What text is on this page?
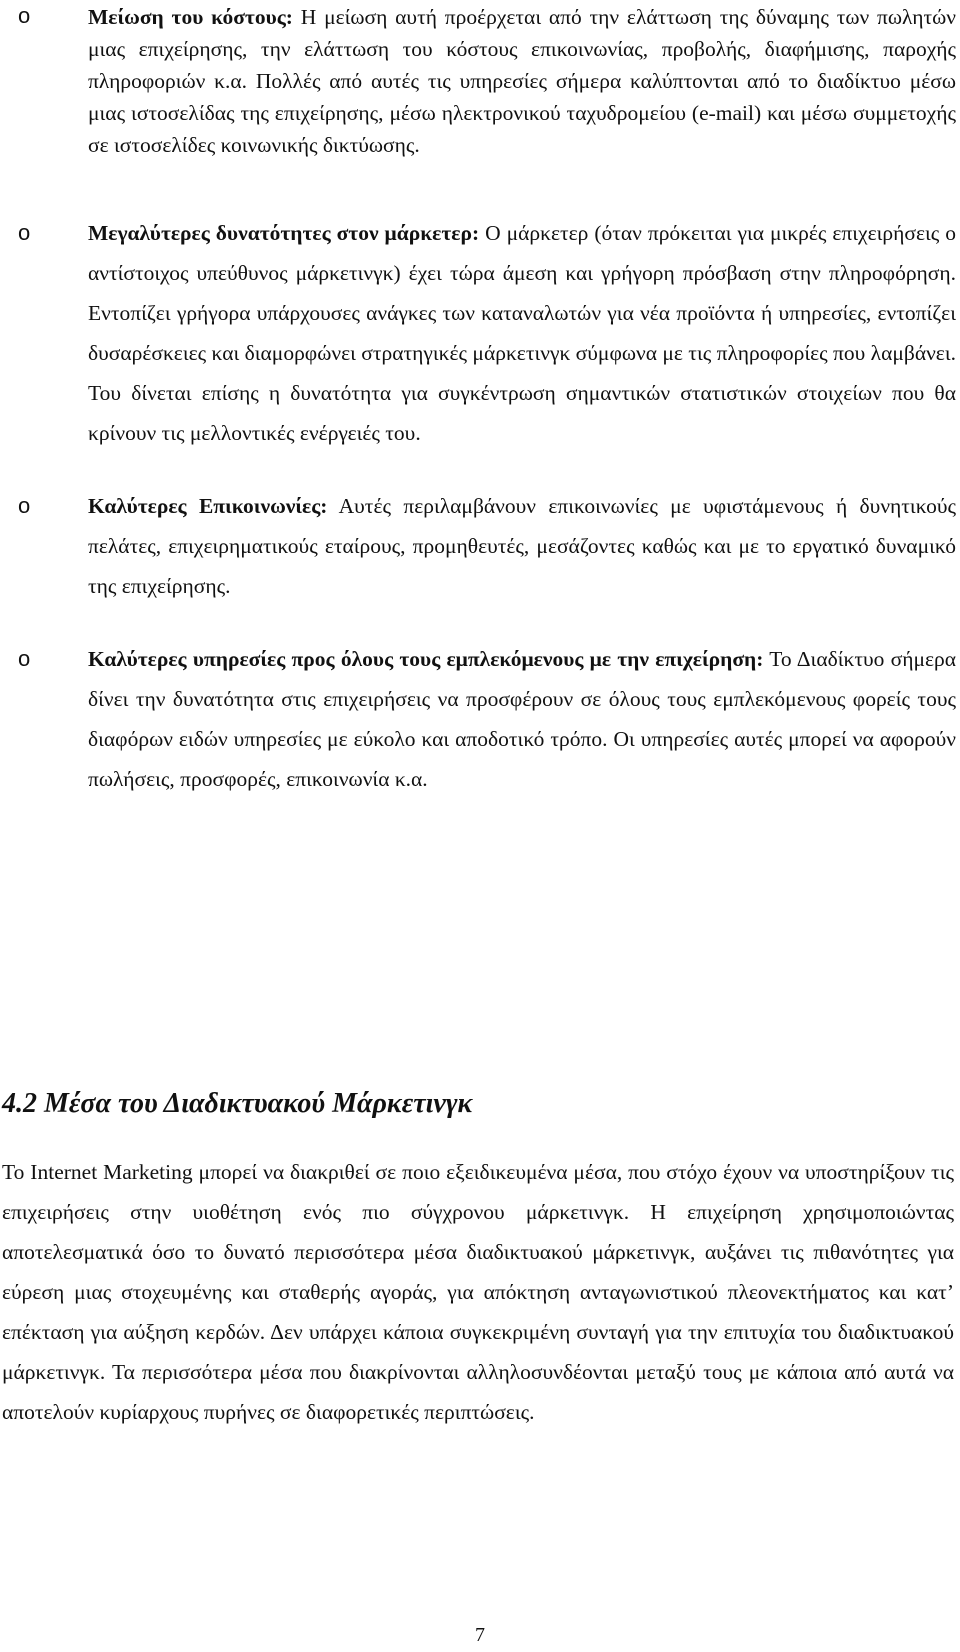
o	Μείωση του κόστους: Η μείωση αυτή προέρχεται από την ελάττωση της δύναμης των πωλητών μιας επιχείρησης, την ελάττωση του κόστους επικοινωνίας, προβολής, διαφήμισης, παροχής πληροφοριών κ.α. Πολλές από αυτές τις υπηρεσίες σήμερα καλύπτονται από το διαδίκτυο μέσω μιας ιστοσελίδας της επιχείρησης, μέσω ηλεκτρονικού ταχυδρομείου (e-mail) και μέσω συμμετοχής σε ιστοσελίδες κοινωνικής δικτύωσης.
o	Μεγαλύτερες δυνατότητες στον μάρκετερ: Ο μάρκετερ (όταν πρόκειται για μικρές επιχειρήσεις ο αντίστοιχος υπεύθυνος μάρκετινγκ) έχει τώρα άμεση και γρήγορη πρόσβαση στην πληροφόρηση. Εντοπίζει γρήγορα υπάρχουσες ανάγκες των καταναλωτών για νέα προϊόντα ή υπηρεσίες, εντοπίζει δυσαρέσκειες και διαμορφώνει στρατηγικές μάρκετινγκ σύμφωνα με τις πληροφορίες που λαμβάνει. Του δίνεται επίσης η δυνατότητα για συγκέντρωση σημαντικών στατιστικών στοιχείων που θα κρίνουν τις μελλοντικές ενέργειές του.
o	Καλύτερες Επικοινωνίες: Αυτές περιλαμβάνουν επικοινωνίες με υφιστάμενους ή δυνητικούς πελάτες, επιχειρηματικούς εταίρους, προμηθευτές, μεσάζοντες καθώς και με το εργατικό δυναμικό της επιχείρησης.
o	Καλύτερες υπηρεσίες προς όλους τους εμπλεκόμενους με την επιχείρηση: Το Διαδίκτυο σήμερα δίνει την δυνατότητα στις επιχειρήσεις να προσφέρουν σε όλους τους εμπλεκόμενους φορείς τους διαφόρων ειδών υπηρεσίες με εύκολο και αποδοτικό τρόπο. Οι υπηρεσίες αυτές μπορεί να αφορούν πωλήσεις, προσφορές, επικοινωνία κ.α.
4.2 Μέσα του Διαδικτυακού Μάρκετινγκ
Το Internet Marketing μπορεί να διακριθεί σε ποιο εξειδικευμένα μέσα, που στόχο έχουν να υποστηρίξουν τις επιχειρήσεις στην υιοθέτηση ενός πιο σύγχρονου μάρκετινγκ. Η επιχείρηση χρησιμοποιώντας αποτελεσματικά όσο το δυνατό περισσότερα μέσα διαδικτυακού μάρκετινγκ, αυξάνει τις πιθανότητες για εύρεση μιας στοχευμένης και σταθερής αγοράς, για απόκτηση ανταγωνιστικού πλεονεκτήματος και κατ’ επέκταση για αύξηση κερδών. Δεν υπάρχει κάποια συγκεκριμένη συνταγή για την επιτυχία του διαδικτυακού μάρκετινγκ. Τα περισσότερα μέσα που διακρίνονται αλληλοσυνδέονται μεταξύ τους με κάποια από αυτά να αποτελούν κυρίαρχους πυρήνες σε διαφορετικές περιπτώσεις.
7
